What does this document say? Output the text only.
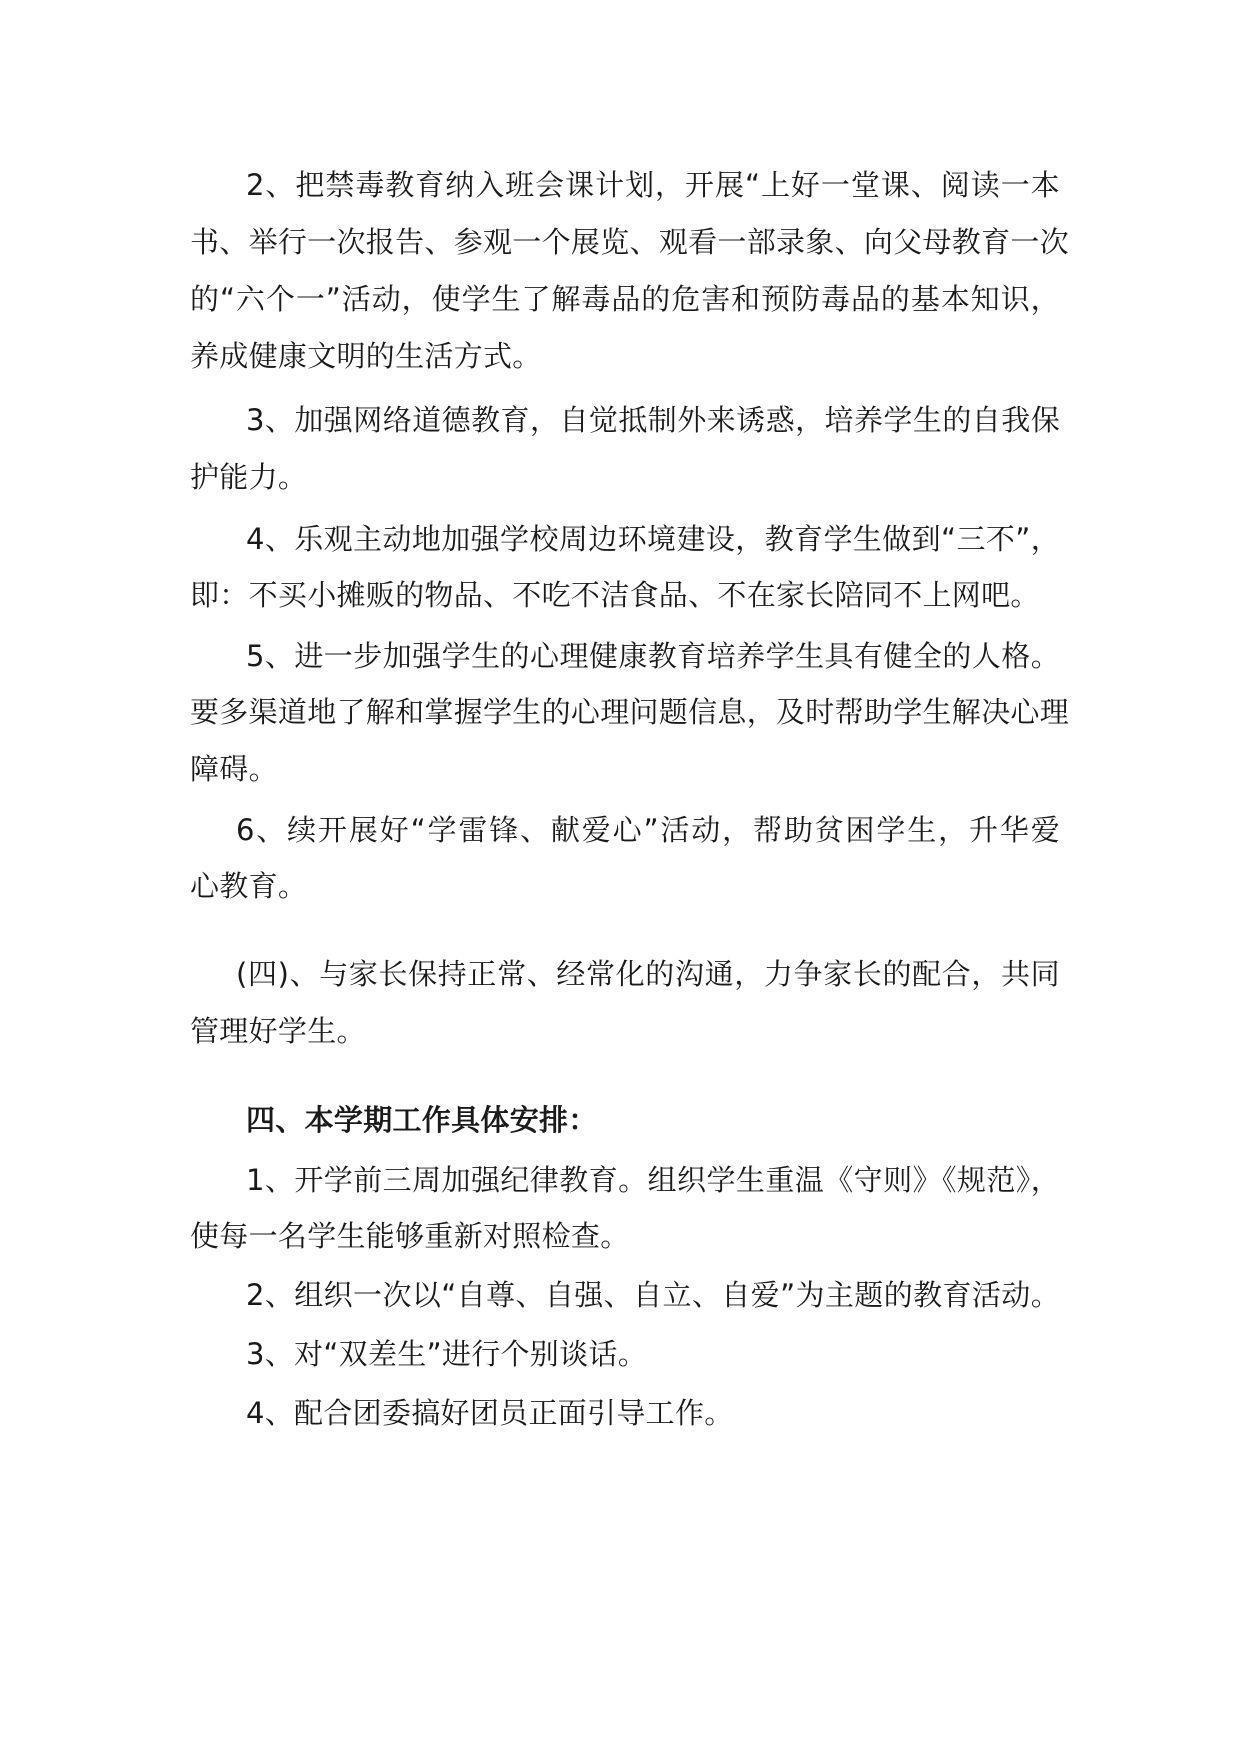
2、把禁毒教育纳入班会课计划，开展“上好一堂课、阅读一本
书、举行一次报告、参观一个展览、观看一部录象、向父母教育一次
的“六个一”活动，使学生了解毒品的危害和预防毒品的基本知识，
养成健康文明的生活方式。
3、加强网络道德教育，自觉抵制外来诱惑，培养学生的自我保
护能力。
4、乐观主动地加强学校周边环境建设，教育学生做到“三不”，
即：不买小摊贩的物品、不吃不洁食品、不在家长陪同不上网吧。
5、进一步加强学生的心理健康教育培养学生具有健全的人格。
要多渠道地了解和掌握学生的心理问题信息，及时帮助学生解决心理
障碍。
6、续开展好“学雷锋、献爱心”活动，帮助贫困学生，升华爱
心教育。
(四)、与家长保持正常、经常化的沟通，力争家长的配合，共同
管理好学生。
四、本学期工作具体安排：
1、开学前三周加强纪律教育。组织学生重温《守则》《规范》，
使每一名学生能够重新对照检查。
2、组织一次以“自尊、自强、自立、自爱”为主题的教育活动。
3、对“双差生”进行个别谈话。
4、配合团委搞好团员正面引导工作。
